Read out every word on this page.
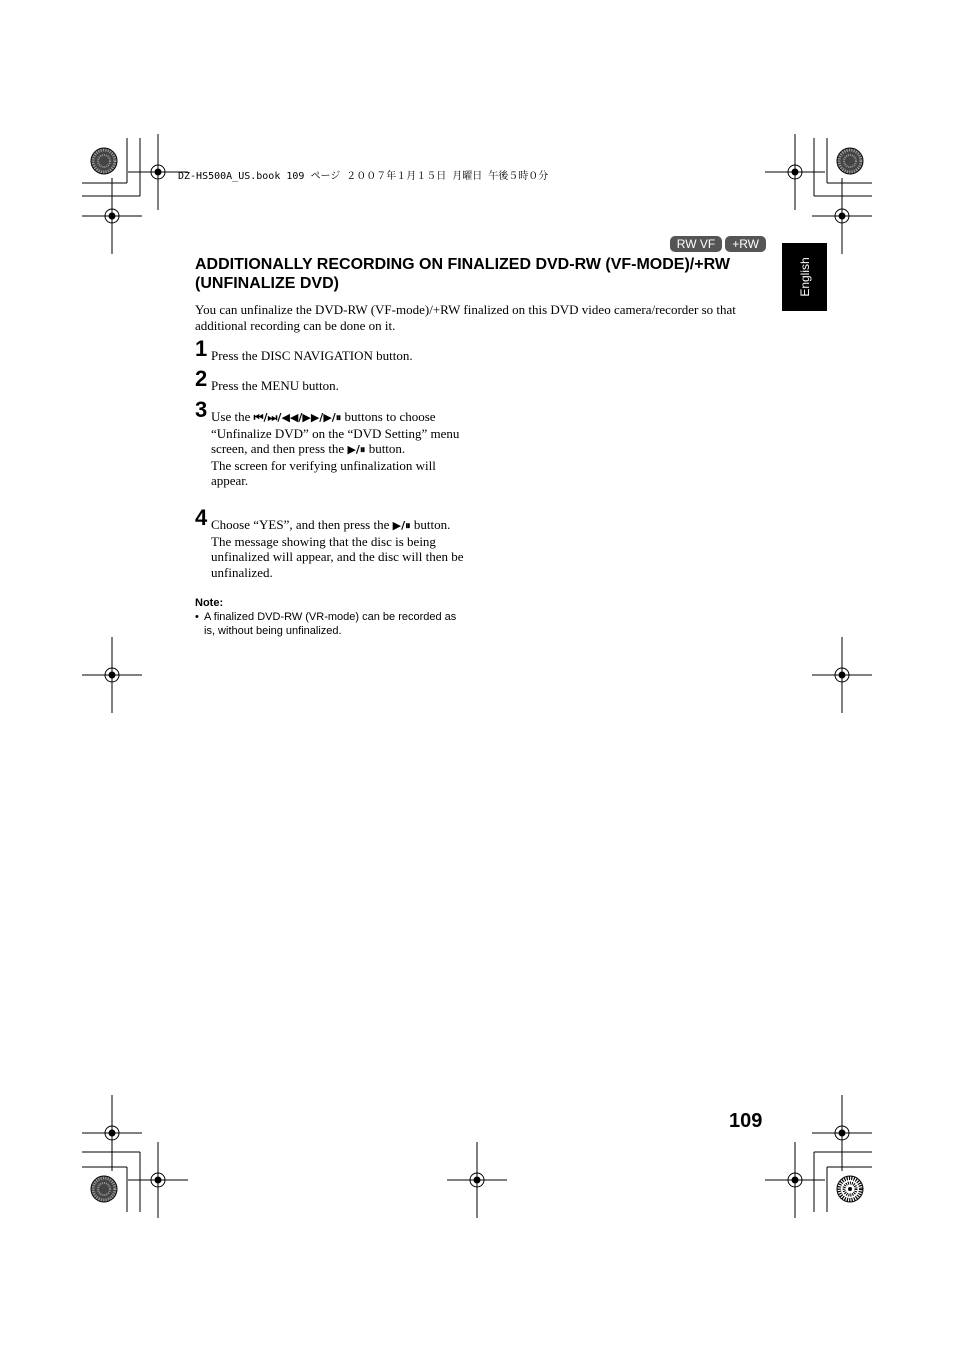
DZ-HS500A_US.book 109 ページ ２００７年１月１５日 月曜日 午後５時０分
RW VF	+RW
English
ADDITIONALLY RECORDING ON FINALIZED DVD-RW (VF-MODE)/+RW (UNFINALIZE DVD)
You can unfinalize the DVD-RW (VF-mode)/+RW finalized on this DVD video camera/recorder so that additional recording can be done on it.
1 Press the DISC NAVIGATION button.

2 Press the MENU button.

3 Use the ⏮/⏭/◀◀/▶▶/▶/⏸ buttons to choose “Unfinalize DVD” on the “DVD Setting” menu screen, and then press the ▶/⏸ button.

The screen for verifying unfinalization will appear.

4 Choose “YES”, and then press the ▶/⏸ button.

The message showing that the disc is being unfinalized will appear, and the disc will then be unfinalized.

Note:
• A finalized DVD-RW (VR-mode) can be recorded as is, without being unfinalized.
109
